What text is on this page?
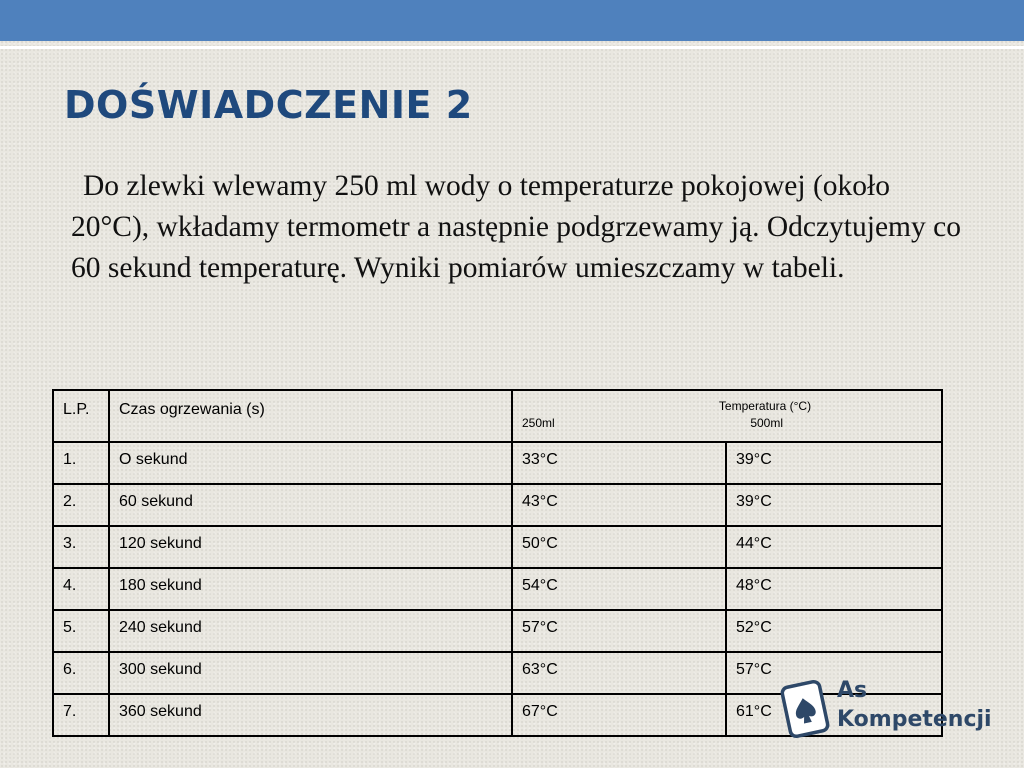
DOŚWIADCZENIE 2
Do zlewki wlewamy 250 ml wody o temperaturze pokojowej (około 20°C), wkładamy termometr a następnie podgrzewamy ją. Odczytujemy co 60 sekund temperaturę. Wyniki pomiarów umieszczamy w tabeli.
L.P.	Czas ogrzewania (s)	Temperatura (°C)
250ml 500ml	

1.	O sekund	33°C	39°C
2.	60 sekund	43°C	39°C
3.	120 sekund	50°C	44°C
4.	180 sekund	54°C	48°C
5.	240 sekund	57°C	52°C
6.	300 sekund	63°C	57°C
7.	360 sekund	67°C	61°C
As
Kompetencji
